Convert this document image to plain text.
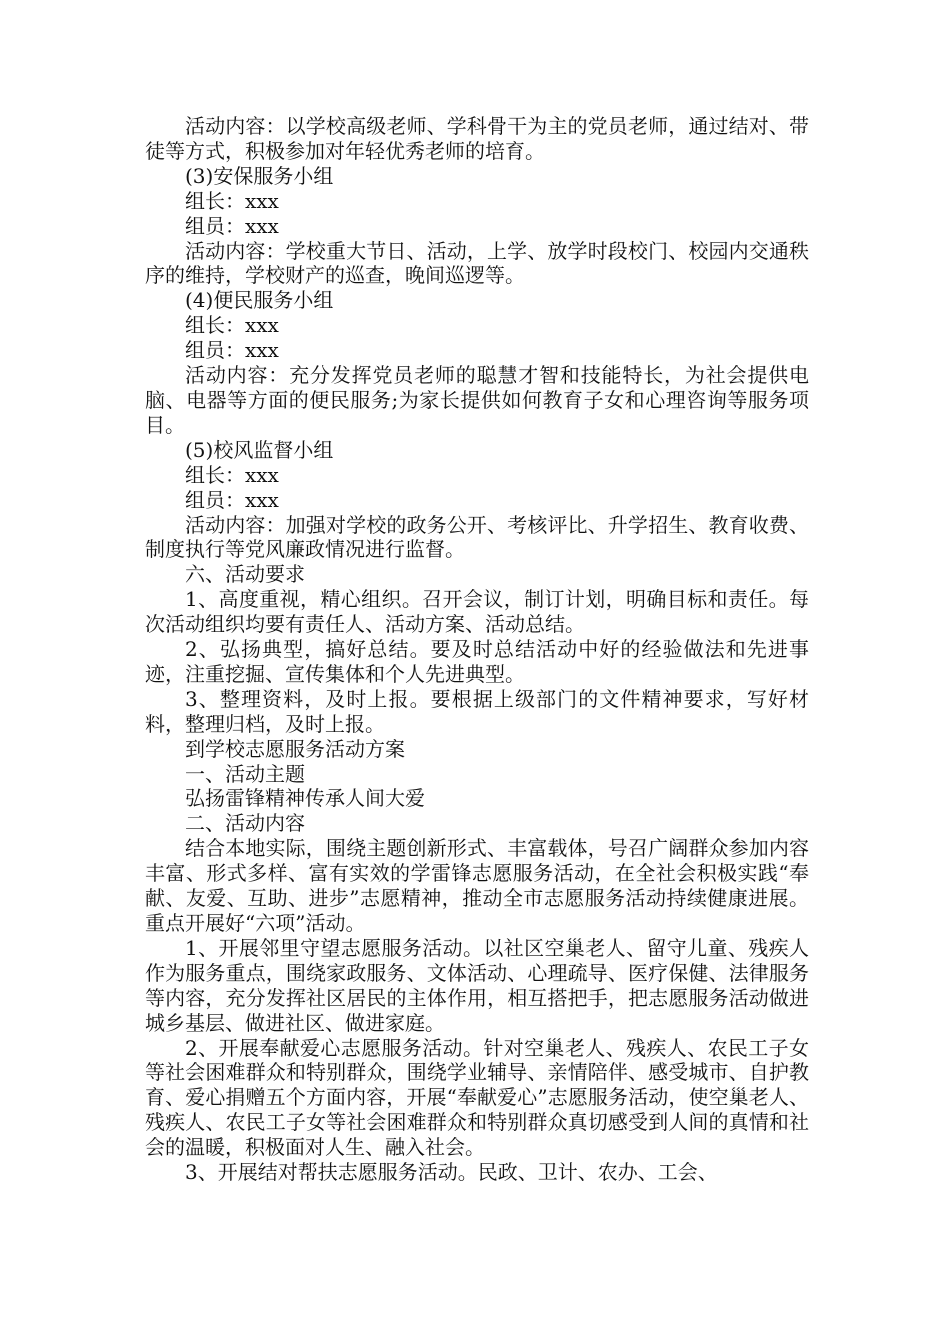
活动内容：以学校高级老师、学科骨干为主的党员老师，通过结对、带徒等方式，积极参加对年轻优秀老师的培育。

(3)安保服务小组

组长：xxx

组员：xxx

活动内容：学校重大节日、活动，上学、放学时段校门、校园内交通秩序的维持，学校财产的巡查，晚间巡逻等。

(4)便民服务小组

组长：xxx

组员：xxx

活动内容：充分发挥党员老师的聪慧才智和技能特长，为社会提供电脑、电器等方面的便民服务;为家长提供如何教育子女和心理咨询等服务项目。

(5)校风监督小组

组长：xxx

组员：xxx

活动内容：加强对学校的政务公开、考核评比、升学招生、教育收费、制度执行等党风廉政情况进行监督。

六、活动要求

1、高度重视，精心组织。召开会议，制订计划，明确目标和责任。每次活动组织均要有责任人、活动方案、活动总结。

2、弘扬典型，搞好总结。要及时总结活动中好的经验做法和先进事迹，注重挖掘、宣传集体和个人先进典型。

3、整理资料，及时上报。要根据上级部门的文件精神要求，写好材料，整理归档，及时上报。

到学校志愿服务活动方案

一、活动主题

弘扬雷锋精神传承人间大爱

二、活动内容

结合本地实际，围绕主题创新形式、丰富载体，号召广阔群众参加内容丰富、形式多样、富有实效的学雷锋志愿服务活动，在全社会积极实践“奉献、友爱、互助、进步”志愿精神，推动全市志愿服务活动持续健康进展。重点开展好“六项”活动。

1、开展邻里守望志愿服务活动。以社区空巢老人、留守儿童、残疾人作为服务重点，围绕家政服务、文体活动、心理疏导、医疗保健、法律服务等内容，充分发挥社区居民的主体作用，相互搭把手，把志愿服务活动做进城乡基层、做进社区、做进家庭。

2、开展奉献爱心志愿服务活动。针对空巢老人、残疾人、农民工子女等社会困难群众和特别群众，围绕学业辅导、亲情陪伴、感受城市、自护教育、爱心捐赠五个方面内容，开展“奉献爱心”志愿服务活动，使空巢老人、残疾人、农民工子女等社会困难群众和特别群众真切感受到人间的真情和社会的温暖，积极面对人生、融入社会。

3、开展结对帮扶志愿服务活动。民政、卫计、农办、工会、
